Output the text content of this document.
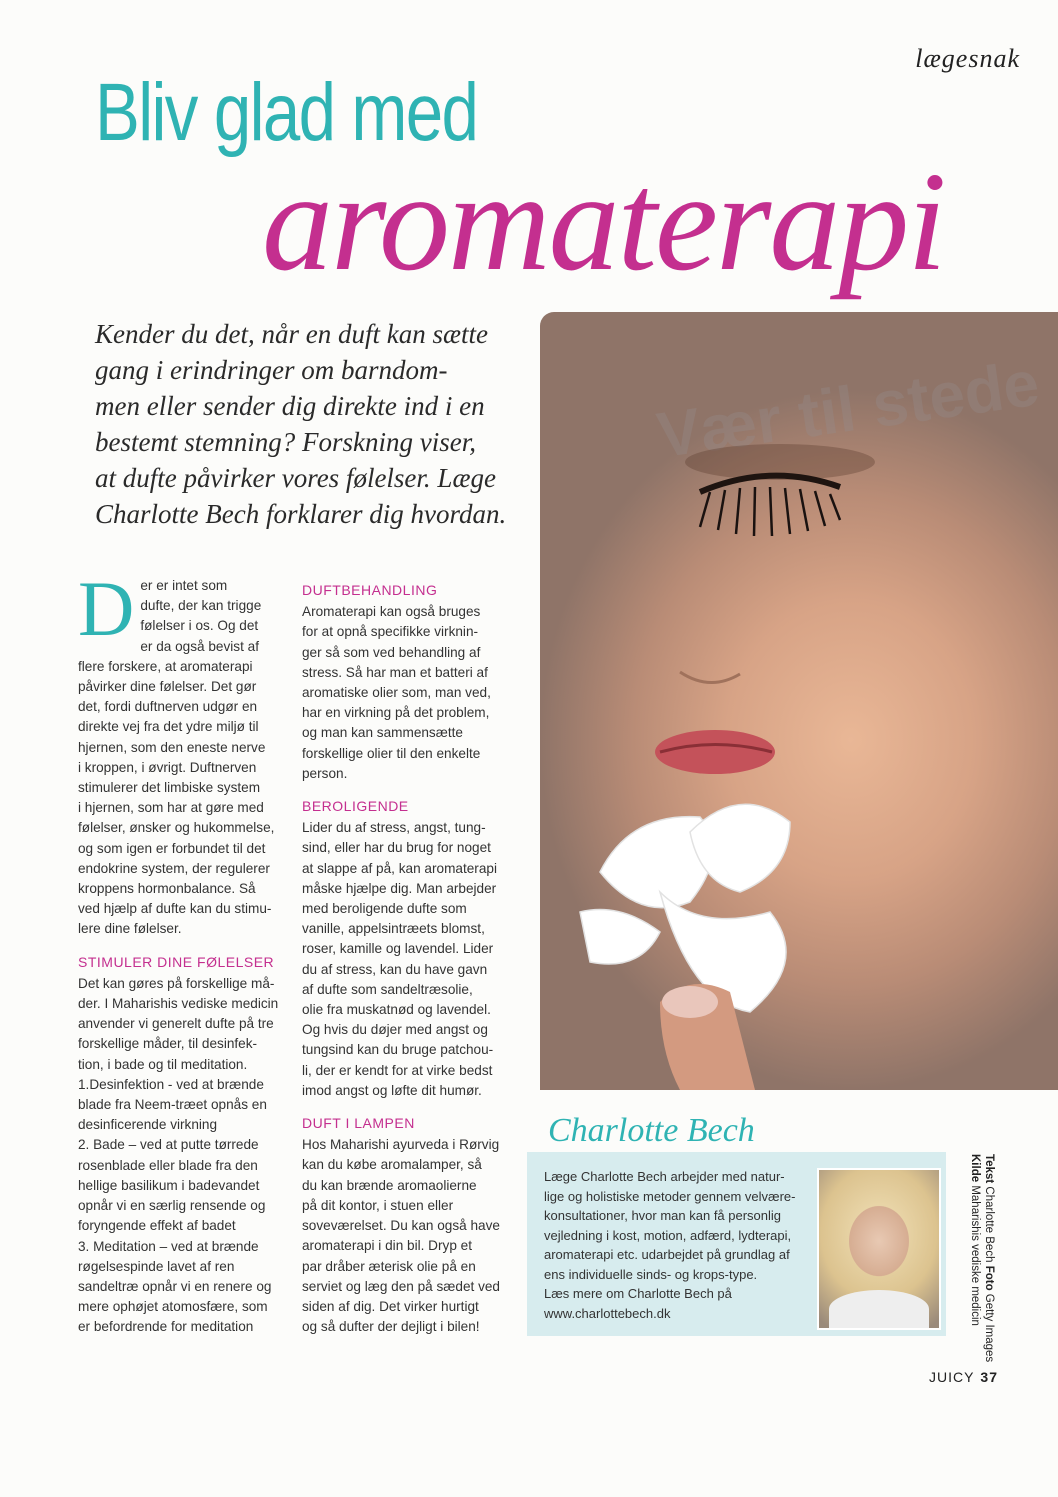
lægesnak
Bliv glad med
aromaterapi
Kender du det, når en duft kan sætte
gang i erindringer om barndom-
men eller sender dig direkte ind i en
bestemt stemning? Forskning viser,
at dufte påvirker vores følelser. Læge
Charlotte Bech forklarer dig hvordan.
Vær til stede
D er er intet som
dufte, der kan trigge
følelser i os. Og det
er da også bevist af
flere forskere, at aromaterapi
påvirker dine følelser. Det gør
det, fordi duftnerven udgør en
direkte vej fra det ydre miljø til
hjernen, som den eneste nerve
i kroppen, i øvrigt. Duftnerven
stimulerer det limbiske system
i hjernen, som har at gøre med
følelser, ønsker og hukommelse,
og som igen er forbundet til det
endokrine system, der regulerer
kroppens hormonbalance. Så
ved hjælp af dufte kan du stimu-
lere dine følelser.
STIMULER DINE FØLELSER
Det kan gøres på forskellige må-
der. I Maharishis vediske medicin
anvender vi generelt dufte på tre
forskellige måder, til desinfek-
tion, i bade og til meditation.
1.Desinfektion - ved at brænde
blade fra Neem-træet opnås en
desinficerende virkning
2. Bade – ved at putte tørrede
rosenblade eller blade fra den
hellige basilikum i badevandet
opnår vi en særlig rensende og
foryngende effekt af badet
3. Meditation – ved at brænde
røgelsespinde lavet af ren
sandeltræ opnår vi en renere og
mere ophøjet atomosfære, som
er befordrende for meditation
DUFTBEHANDLING
Aromaterapi kan også bruges
for at opnå specifikke virknin-
ger så som ved behandling af
stress. Så har man et batteri af
aromatiske olier som, man ved,
har en virkning på det problem,
og man kan sammensætte
forskellige olier til den enkelte
person.
BEROLIGENDE
Lider du af stress, angst, tung-
sind, eller har du brug for noget
at slappe af på, kan aromaterapi
måske hjælpe dig. Man arbejder
med beroligende dufte som
vanille, appelsintræets blomst,
roser, kamille og lavendel. Lider
du af stress, kan du have gavn
af dufte som sandeltræsolie,
olie fra muskatnød og lavendel.
Og hvis du døjer med angst og
tungsind kan du bruge patchou-
li, der er kendt for at virke bedst
imod angst og løfte dit humør.
DUFT I LAMPEN
Hos Maharishi ayurveda i Rørvig
kan du købe aromalamper, så
du kan brænde aromaolierne
på dit kontor, i stuen eller
soveværelset. Du kan også have
aromaterapi i din bil. Dryp et
par dråber æterisk olie på en
serviet og læg den på sædet ved
siden af dig. Det virker hurtigt
og så dufter der dejligt i bilen!
Charlotte Bech
Læge Charlotte Bech arbejder med natur-
lige og holistiske metoder gennem velvære-
konsultationer, hvor man kan få personlig
vejledning i kost, motion, adfærd, lydterapi,
aromaterapi etc. udarbejdet på grundlag af
ens individuelle sinds- og krops-type.
Læs mere om Charlotte Bech på
www.charlottebech.dk
Tekst Charlotte Bech Foto Getty Images
Kilde Maharishis vediske medicin
JUICY 37
